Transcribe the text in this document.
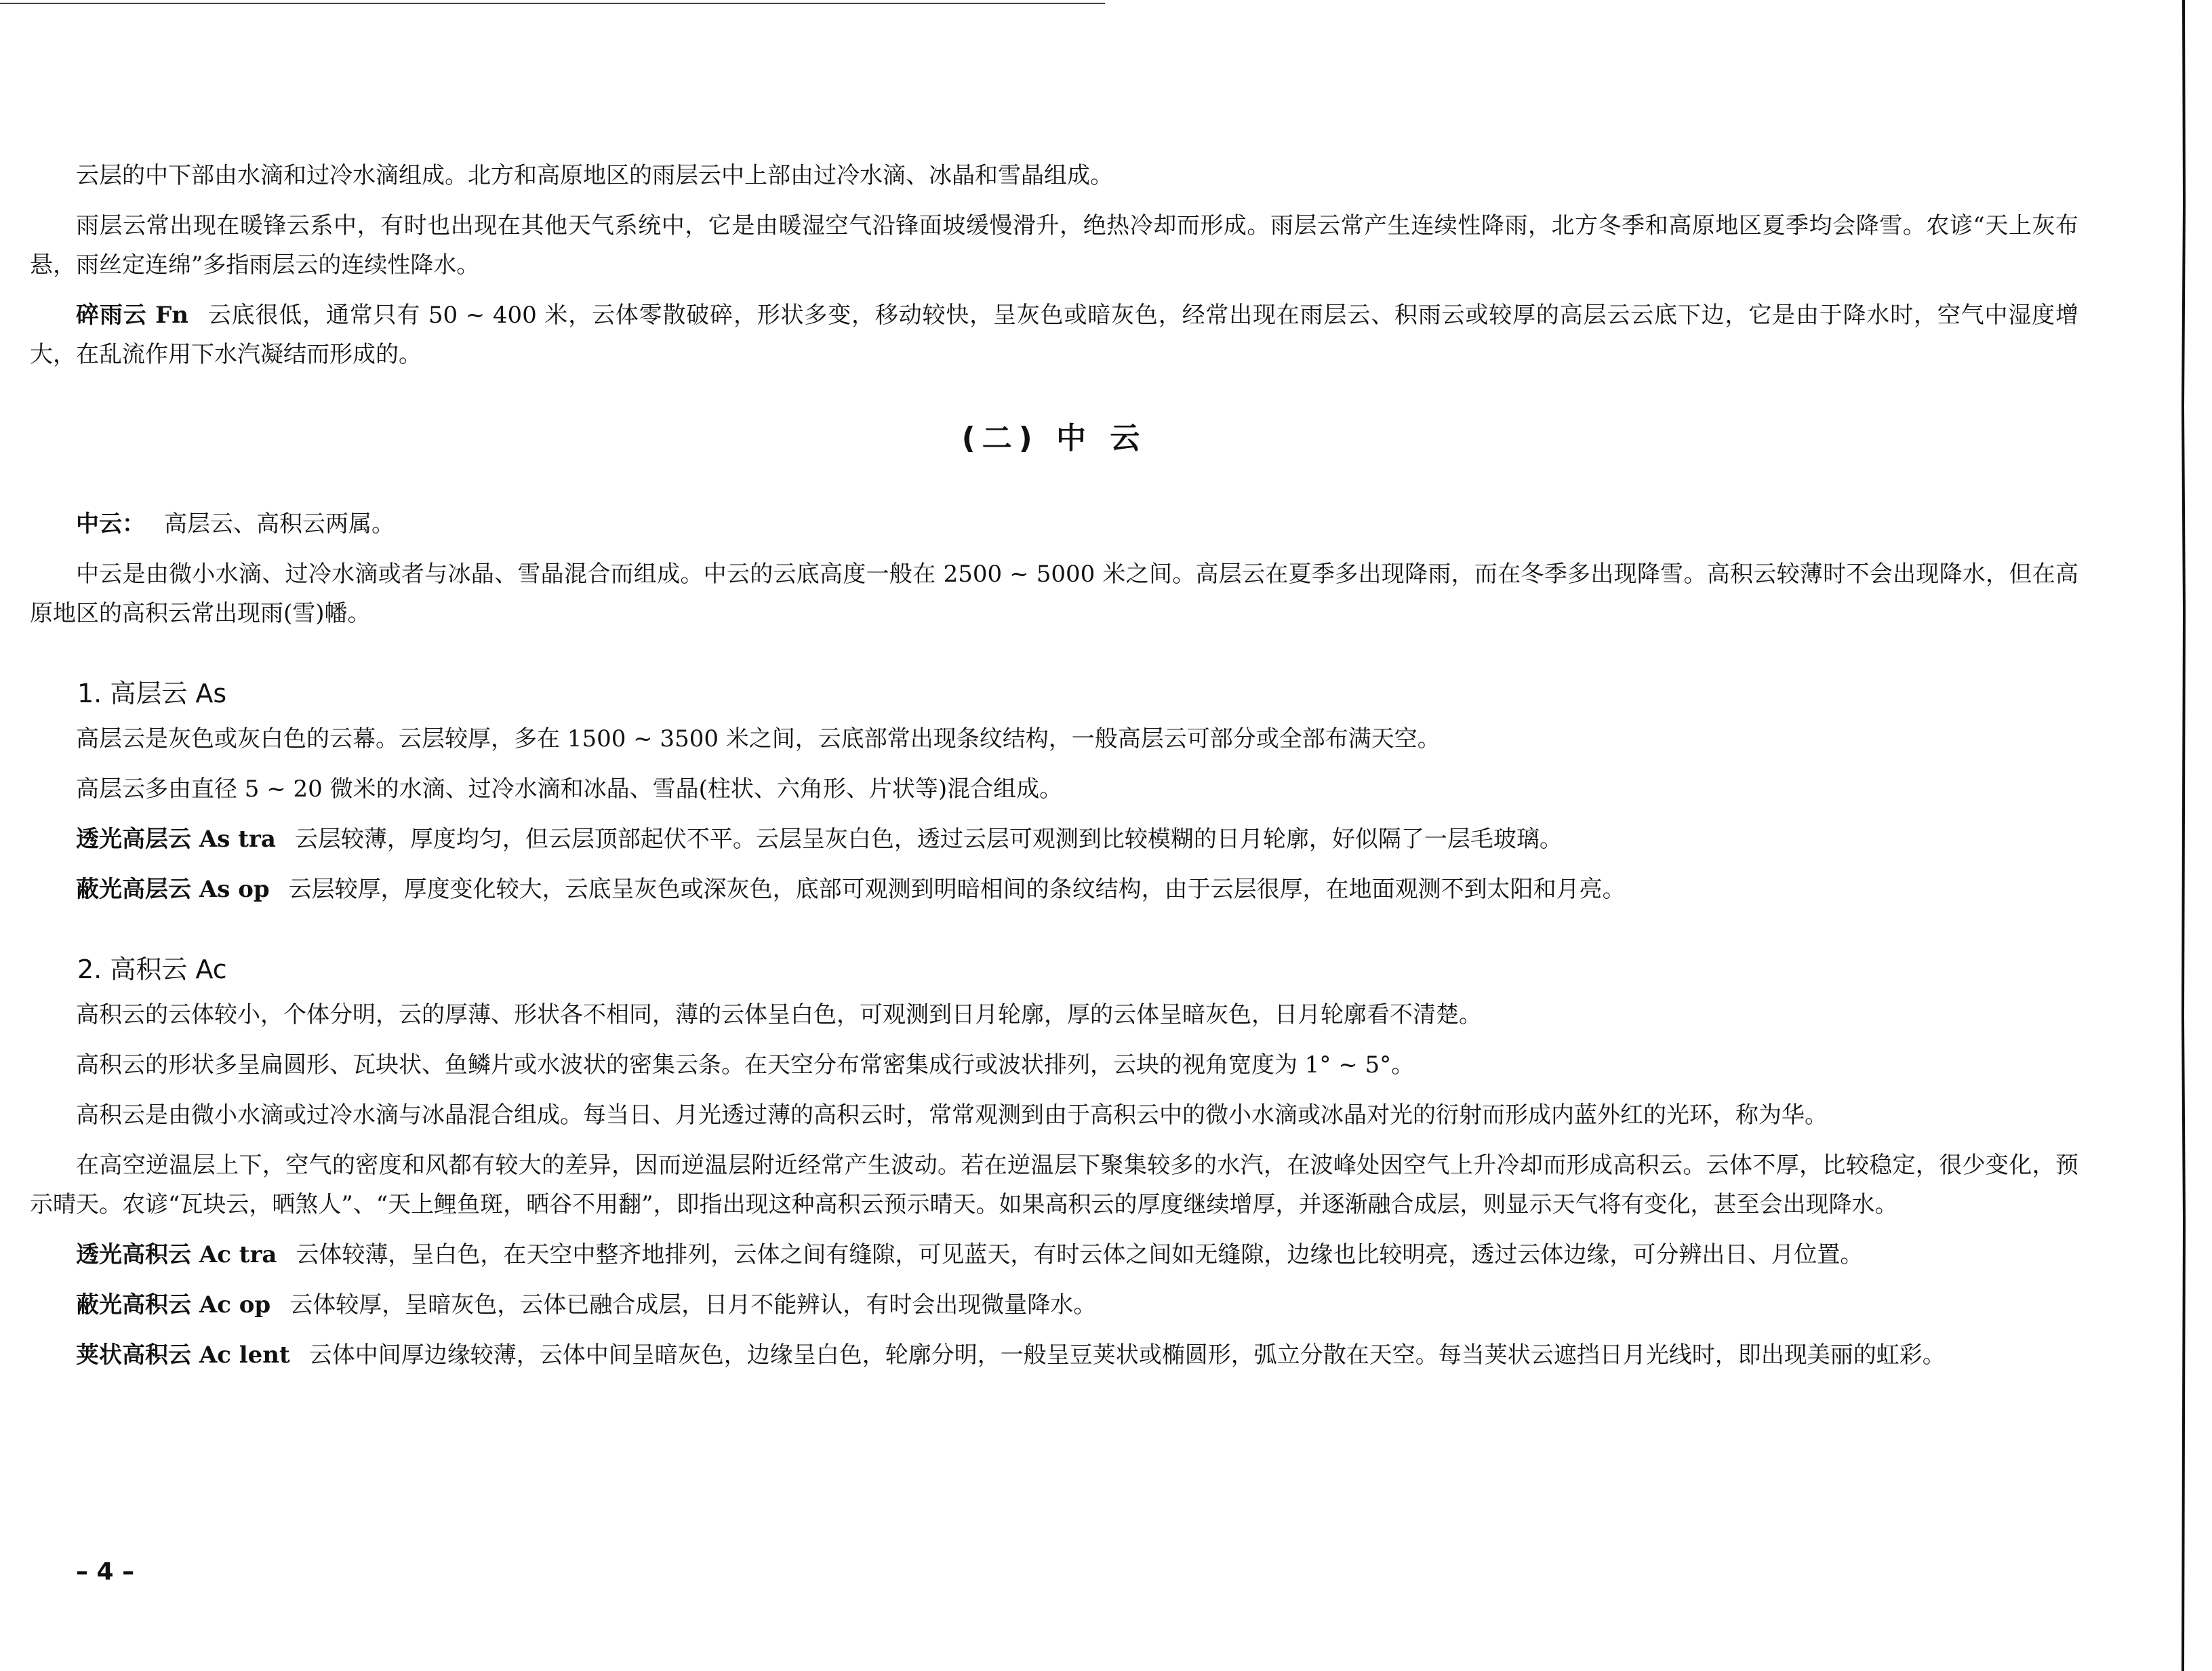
云层的中下部由水滴和过冷水滴组成。北方和高原地区的雨层云中上部由过冷水滴、冰晶和雪晶组成。

雨层云常出现在暖锋云系中，有时也出现在其他天气系统中，它是由暖湿空气沿锋面坡缓慢滑升，绝热冷却而形成。雨层云常产生连续性降雨，北方冬季和高原地区夏季均会降雪。农谚“天上灰布悬，雨丝定连绵”多指雨层云的连续性降水。

碎雨云 Fn 云底很低，通常只有 50 ~ 400 米，云体零散破碎，形状多变，移动较快，呈灰色或暗灰色，经常出现在雨层云、积雨云或较厚的高层云云底下边，它是由于降水时，空气中湿度增大，在乱流作用下水汽凝结而形成的。

(二) 中 云

中云： 高层云、高积云两属。

中云是由微小水滴、过冷水滴或者与冰晶、雪晶混合而组成。中云的云底高度一般在 2500 ~ 5000 米之间。高层云在夏季多出现降雨，而在冬季多出现降雪。高积云较薄时不会出现降水，但在高原地区的高积云常出现雨(雪)幡。

1. 高层云 As

高层云是灰色或灰白色的云幕。云层较厚，多在 1500 ~ 3500 米之间，云底部常出现条纹结构，一般高层云可部分或全部布满天空。

高层云多由直径 5 ~ 20 微米的水滴、过冷水滴和冰晶、雪晶(柱状、六角形、片状等)混合组成。

透光高层云 As tra 云层较薄，厚度均匀，但云层顶部起伏不平。云层呈灰白色，透过云层可观测到比较模糊的日月轮廓，好似隔了一层毛玻璃。

蔽光高层云 As op 云层较厚，厚度变化较大，云底呈灰色或深灰色，底部可观测到明暗相间的条纹结构，由于云层很厚，在地面观测不到太阳和月亮。

2. 高积云 Ac

高积云的云体较小，个体分明，云的厚薄、形状各不相同，薄的云体呈白色，可观测到日月轮廓，厚的云体呈暗灰色，日月轮廓看不清楚。

高积云的形状多呈扁圆形、瓦块状、鱼鳞片或水波状的密集云条。在天空分布常密集成行或波状排列，云块的视角宽度为 1° ~ 5°。

高积云是由微小水滴或过冷水滴与冰晶混合组成。每当日、月光透过薄的高积云时，常常观测到由于高积云中的微小水滴或冰晶对光的衍射而形成内蓝外红的光环，称为华。

在高空逆温层上下，空气的密度和风都有较大的差异，因而逆温层附近经常产生波动。若在逆温层下聚集较多的水汽，在波峰处因空气上升冷却而形成高积云。云体不厚，比较稳定，很少变化，预示晴天。农谚“瓦块云，晒煞人”、“天上鲤鱼斑，晒谷不用翻”，即指出现这种高积云预示晴天。如果高积云的厚度继续增厚，并逐渐融合成层，则显示天气将有变化，甚至会出现降水。

透光高积云 Ac tra 云体较薄，呈白色，在天空中整齐地排列，云体之间有缝隙，可见蓝天，有时云体之间如无缝隙，边缘也比较明亮，透过云体边缘，可分辨出日、月位置。

蔽光高积云 Ac op 云体较厚，呈暗灰色，云体已融合成层，日月不能辨认，有时会出现微量降水。

荚状高积云 Ac lent 云体中间厚边缘较薄，云体中间呈暗灰色，边缘呈白色，轮廓分明，一般呈豆荚状或椭圆形，弧立分散在天空。每当荚状云遮挡日月光线时，即出现美丽的虹彩。

– 4 –
